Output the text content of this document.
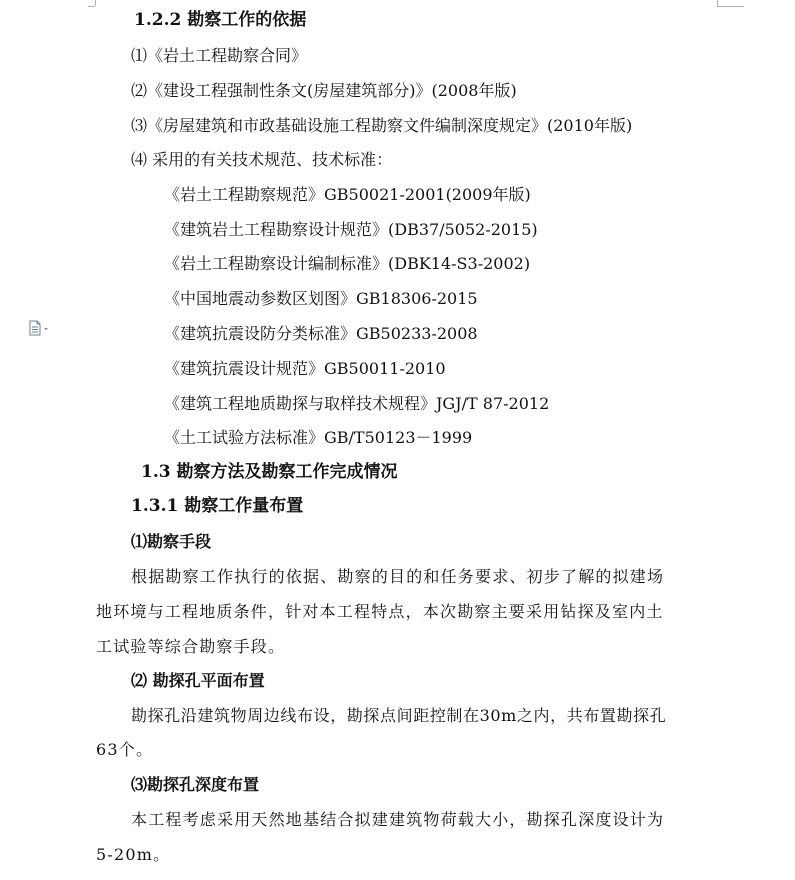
1.2.2 勘察工作的依据
⑴《岩土工程勘察合同》
⑵《建设工程强制性条文(房屋建筑部分)》(2008年版)
⑶《房屋建筑和市政基础设施工程勘察文件编制深度规定》(2010年版)
⑷ 采用的有关技术规范、技术标准：
《岩土工程勘察规范》GB50021-2001(2009年版)
《建筑岩土工程勘察设计规范》(DB37/5052-2015)
《岩土工程勘察设计编制标准》(DBK14-S3-2002)
《中国地震动参数区划图》GB18306-2015
《建筑抗震设防分类标准》GB50233-2008
《建筑抗震设计规范》GB50011-2010
《建筑工程地质勘探与取样技术规程》JGJ/T 87-2012
《土工试验方法标准》GB/T50123－1999
1.3 勘察方法及勘察工作完成情况
1.3.1 勘察工作量布置
⑴勘察手段
根据勘察工作执行的依据、勘察的目的和任务要求、初步了解的拟建场
地环境与工程地质条件，针对本工程特点，本次勘察主要采用钻探及室内土
工试验等综合勘察手段。
⑵ 勘探孔平面布置
勘探孔沿建筑物周边线布设，勘探点间距控制在30m之内，共布置勘探孔
63个。
⑶勘探孔深度布置
本工程考虑采用天然地基结合拟建建筑物荷载大小，勘探孔深度设计为
5-20m。
